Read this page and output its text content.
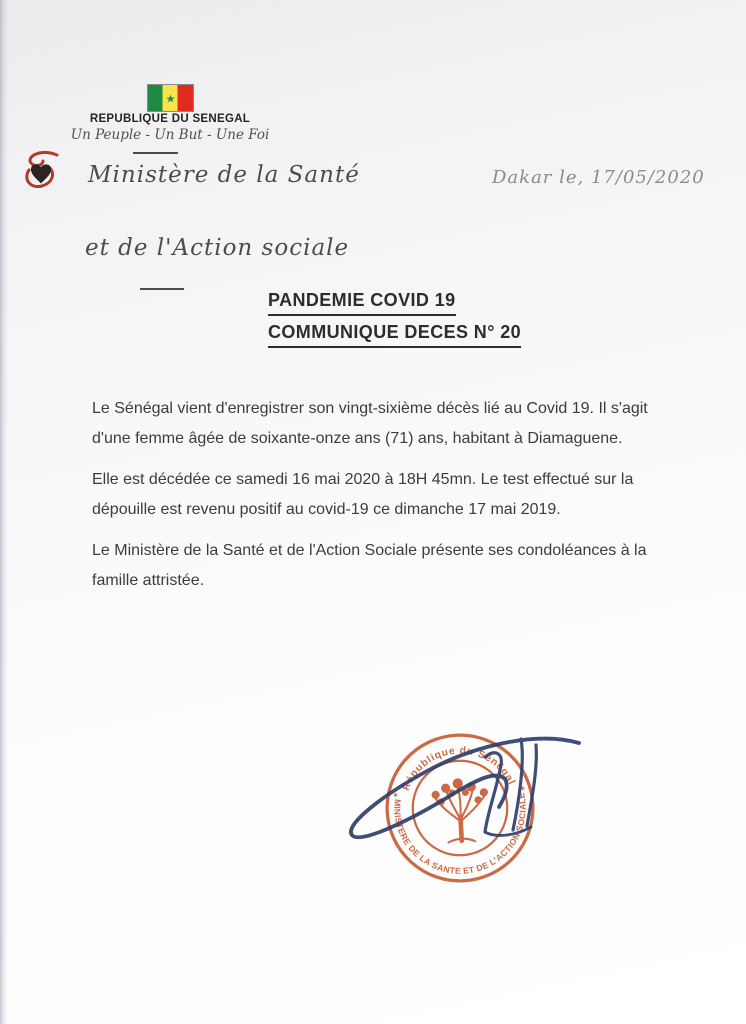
★
REPUBLIQUE DU SENEGAL
Un Peuple - Un But - Une Foi
Ministère de la Santé	Dakar le, 17/05/2020
et de l'Action sociale
PANDEMIE COVID 19
COMMUNIQUE DECES N° 20
Le Sénégal vient d'enregistrer son vingt-sixième décès lié au Covid 19. Il s'agit d'une femme âgée de soixante-onze ans (71) ans, habitant à Diamaguene.
Elle est décédée ce samedi 16 mai 2020 à 18H 45mn. Le test effectué sur la dépouille est revenu positif au covid-19 ce dimanche 17 mai 2019.
Le Ministère de la Santé et de l'Action Sociale présente ses condoléances à la famille attristée.
République du Sénégal
MINISTERE DE LA SANTE ET DE L'ACTION SOCIALE
✶
✶
